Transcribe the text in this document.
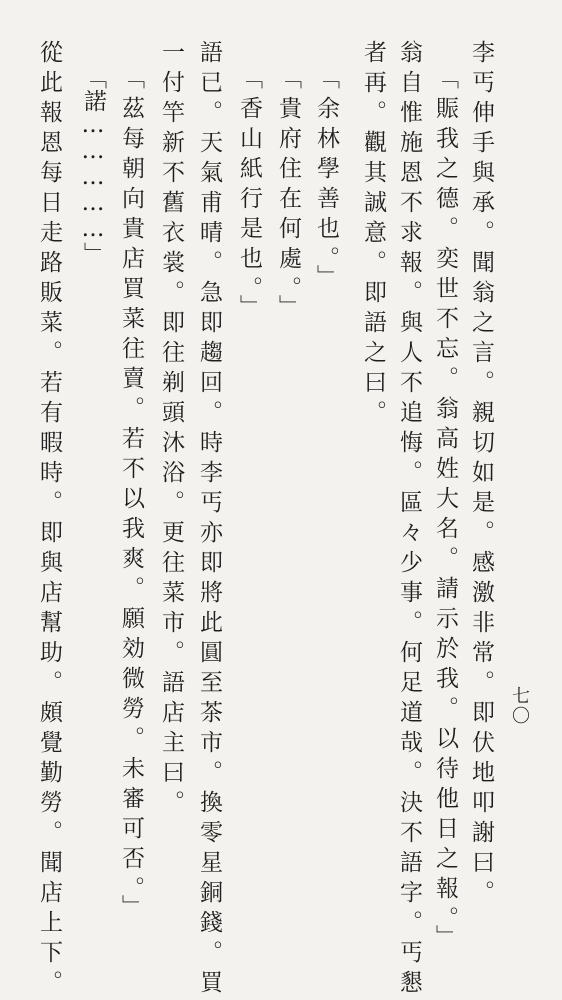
七〇
李丐伸手與承。聞翁之言。親切如是。感激非常。即伏地叩謝曰。
「賑我之德。奕世不忘。翁高姓大名。請示於我。以待他日之報。」
翁自惟施恩不求報。與人不追悔。區々少事。何足道哉。決不語字。丐懇
者再。觀其誠意。即語之曰。
「余林學善也。」
「貴府住在何處。」
「香山紙行是也。」
語已。天氣甫晴。急即趨回。時李丐亦即將此圓至茶市。換零星銅錢。買
一付竿新不舊衣裳。即往剃頭沐浴。更往菜市。語店主曰。
「茲每朝向貴店買菜往賣。若不以我爽。願効微勞。未審可否。」
「諾……………」
從此報恩每日走路販菜。若有暇時。即與店幫助。頗覺勤勞。聞店上下。
